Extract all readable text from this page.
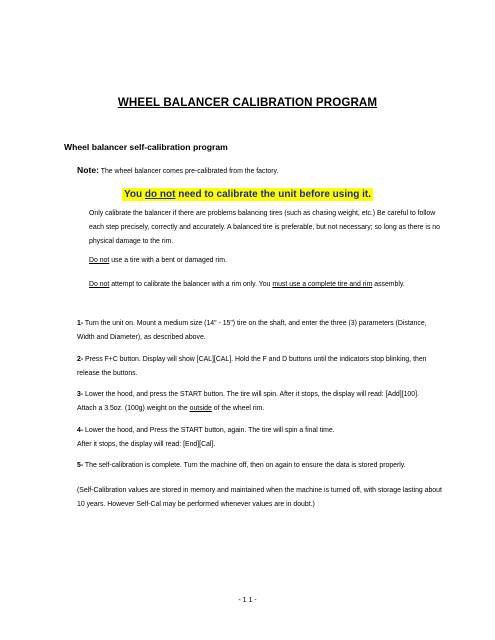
WHEEL BALANCER CALIBRATION PROGRAM
Wheel balancer self-calibration program
Note: The wheel balancer comes pre-calibrated from the factory.
You do not need to calibrate the unit before using it.
Only calibrate the balancer if there are problems balancing tires (such as chasing weight, etc.) Be careful to follow each step precisely, correctly and accurately. A balanced tire is preferable, but not necessary; so long as there is no physical damage to the rim.
Do not use a tire with a bent or damaged rim.
Do not attempt to calibrate the balancer with a rim only. You must use a complete tire and rim assembly.
1- Turn the unit on. Mount a medium size (14" - 15") tire on the shaft, and enter the three (3) parameters (Distance, Width and Diameter), as described above.
2- Press F+C button. Display will show [CAL][CAL]. Hold the F and D buttons until the indicators stop blinking, then release the buttons.
3- Lower the hood, and press the START button. The tire will spin. After it stops, the display will read: [Add][100].
Attach a 3.5oz. (100g) weight on the outside of the wheel rim.
4- Lower the hood, and Press the START button, again. The tire will spin a final time.
After it stops, the display will read: [End][Cal].
5- The self-calibration is complete. Turn the machine off, then on again to ensure the data is stored properly.
(Self-Calibration values are stored in memory and maintained when the machine is turned off, with storage lasting about 10 years. However Self-Cal may be performed whenever values are in doubt.)
- 1 1 -
